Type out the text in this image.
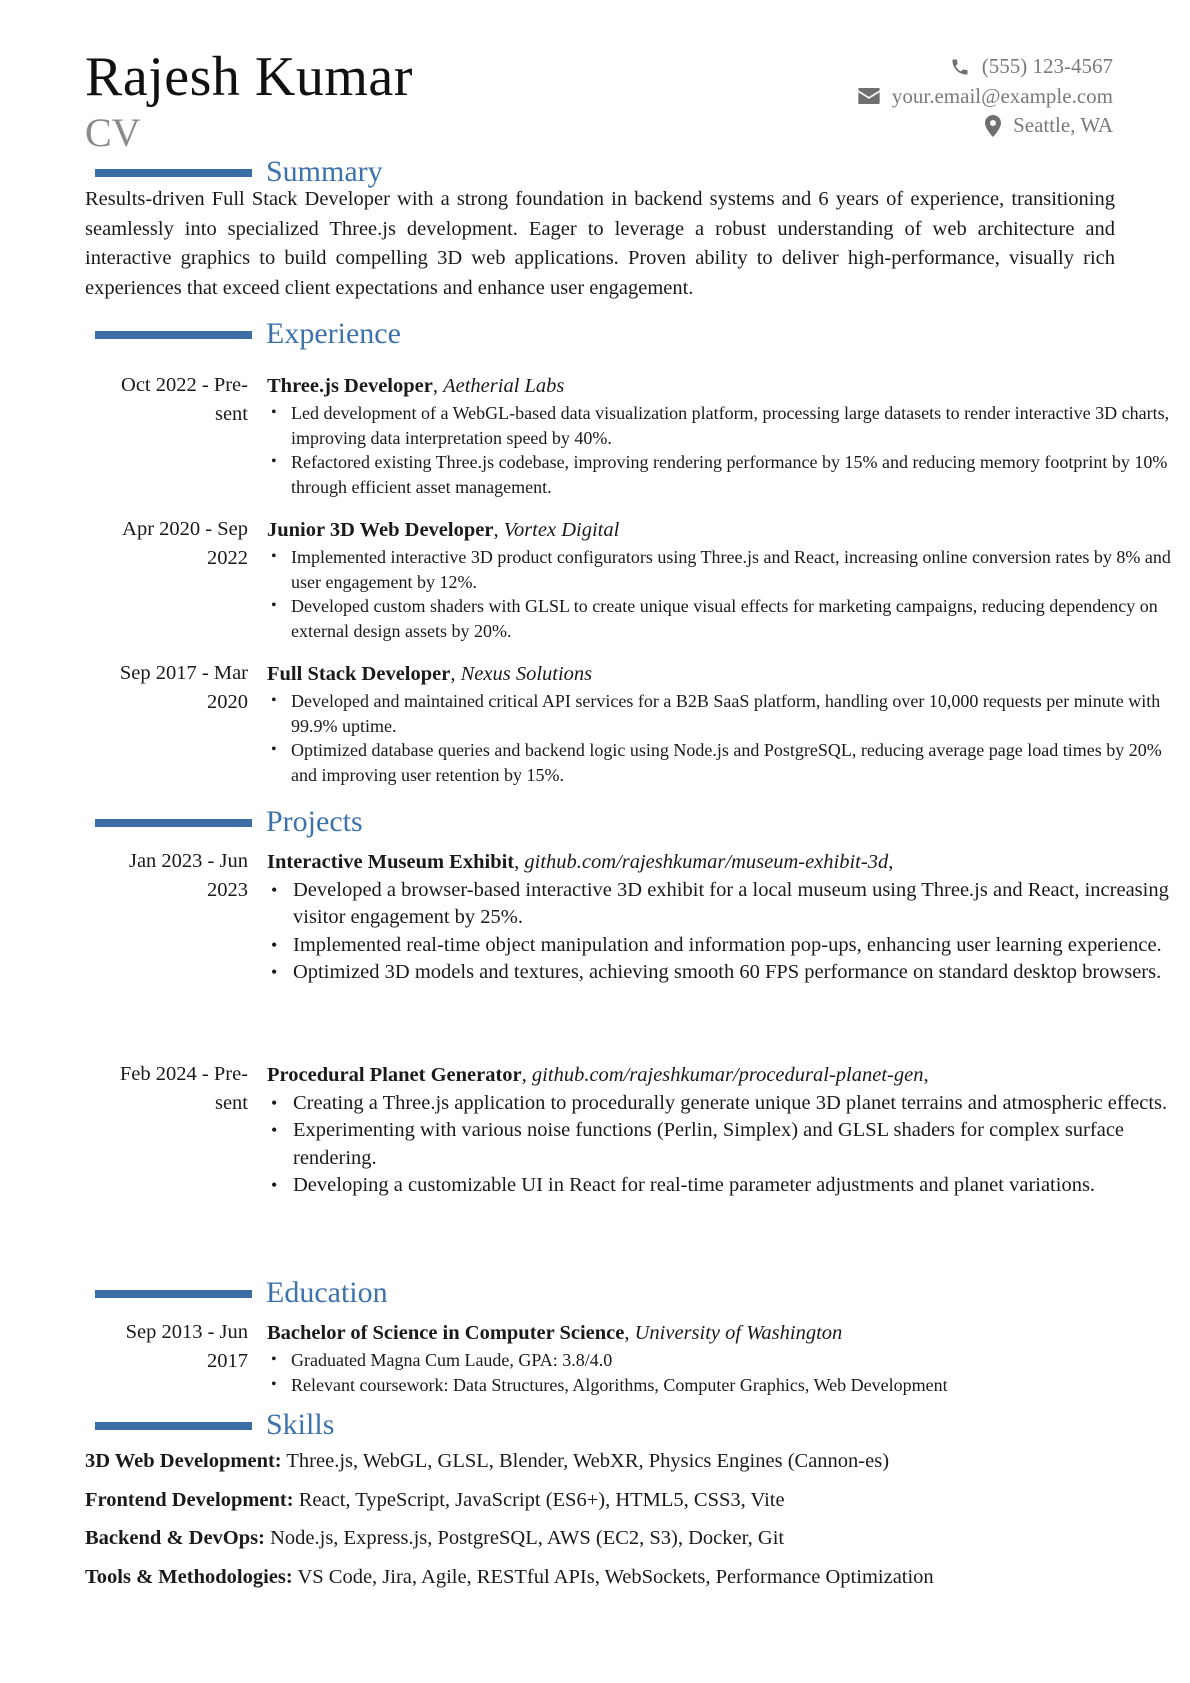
Rajesh Kumar
CV
(555) 123-4567
your.email@example.com
Seattle, WA
Summary
Results-driven Full Stack Developer with a strong foundation in backend systems and 6 years of experience, transitioning seamlessly into specialized Three.js development. Eager to leverage a robust understanding of web architecture and interactive graphics to build compelling 3D web applications. Proven ability to deliver high-performance, visually rich experiences that exceed client expectations and enhance user engagement.
Experience
Oct 2022 - Pre-
sent
Three.js Developer, Aetherial Labs
• Led development of a WebGL-based data visualization platform, processing large datasets to render interactive 3D charts, improving data interpretation speed by 40%.
• Refactored existing Three.js codebase, improving rendering performance by 15% and reducing memory footprint by 10% through efficient asset management.
Apr 2020 - Sep
2022
Junior 3D Web Developer, Vortex Digital
• Implemented interactive 3D product configurators using Three.js and React, increasing online conversion rates by 8% and user engagement by 12%.
• Developed custom shaders with GLSL to create unique visual effects for marketing campaigns, reducing dependency on external design assets by 20%.
Sep 2017 - Mar
2020
Full Stack Developer, Nexus Solutions
• Developed and maintained critical API services for a B2B SaaS platform, handling over 10,000 requests per minute with 99.9% uptime.
• Optimized database queries and backend logic using Node.js and PostgreSQL, reducing average page load times by 20% and improving user retention by 15%.
Projects
Jan 2023 - Jun
2023
Interactive Museum Exhibit, github.com/rajeshkumar/museum-exhibit-3d,
• Developed a browser-based interactive 3D exhibit for a local museum using Three.js and React, increasing visitor engagement by 25%.
• Implemented real-time object manipulation and information pop-ups, enhancing user learning experience.
• Optimized 3D models and textures, achieving smooth 60 FPS performance on standard desktop browsers.
Feb 2024 - Pre-
sent
Procedural Planet Generator, github.com/rajeshkumar/procedural-planet-gen,
• Creating a Three.js application to procedurally generate unique 3D planet terrains and atmospheric effects.
• Experimenting with various noise functions (Perlin, Simplex) and GLSL shaders for complex surface rendering.
• Developing a customizable UI in React for real-time parameter adjustments and planet variations.
Education
Sep 2013 - Jun
2017
Bachelor of Science in Computer Science, University of Washington
• Graduated Magna Cum Laude, GPA: 3.8/4.0
• Relevant coursework: Data Structures, Algorithms, Computer Graphics, Web Development
Skills
3D Web Development: Three.js, WebGL, GLSL, Blender, WebXR, Physics Engines (Cannon-es)
Frontend Development: React, TypeScript, JavaScript (ES6+), HTML5, CSS3, Vite
Backend & DevOps: Node.js, Express.js, PostgreSQL, AWS (EC2, S3), Docker, Git
Tools & Methodologies: VS Code, Jira, Agile, RESTful APIs, WebSockets, Performance Optimization
